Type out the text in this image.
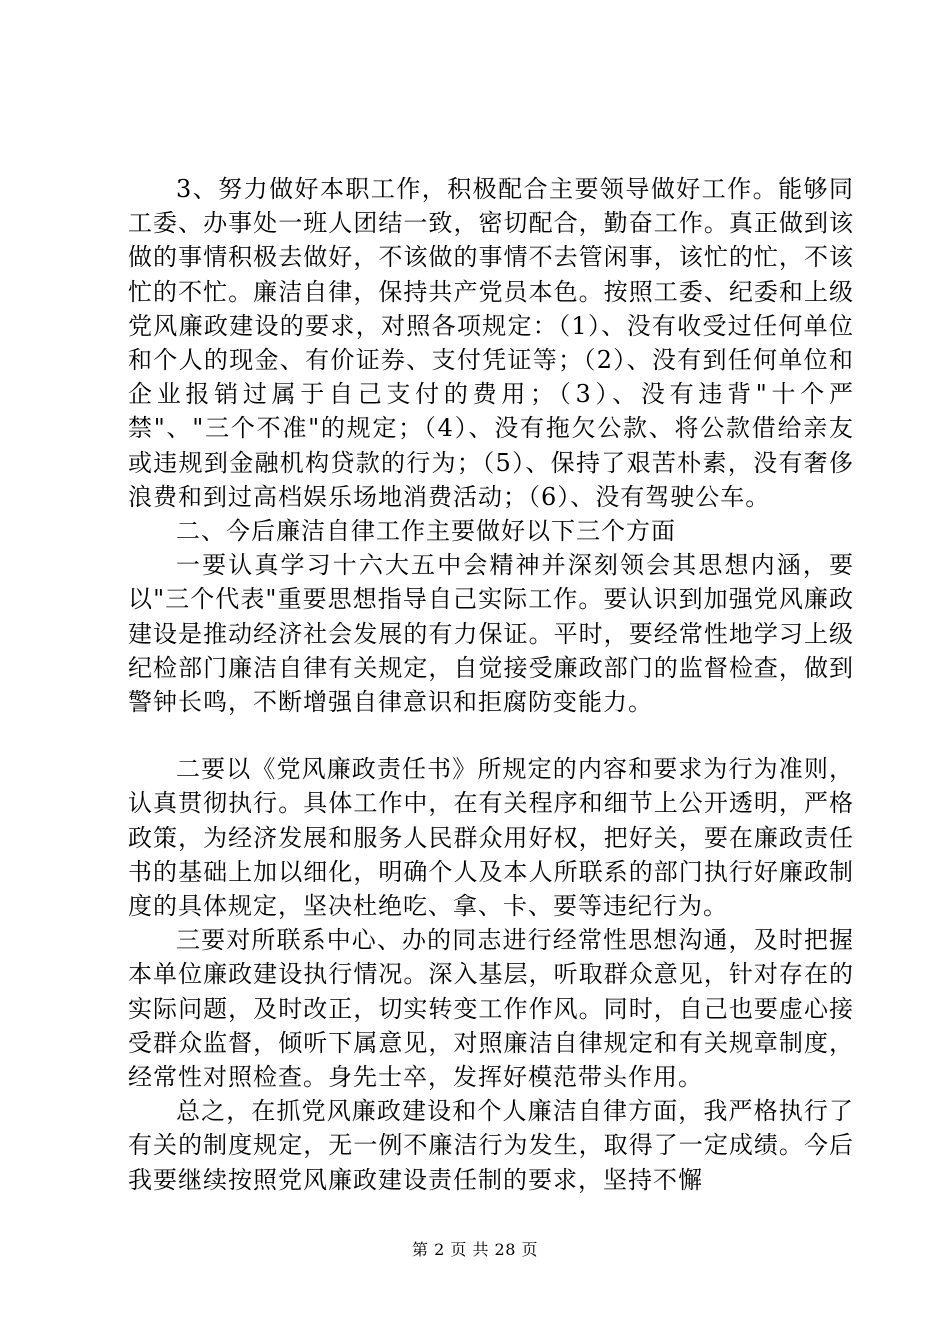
3、努力做好本职工作，积极配合主要领导做好工作。能够同工委、办事处一班人团结一致，密切配合，勤奋工作。真正做到该做的事情积极去做好，不该做的事情不去管闲事，该忙的忙，不该忙的不忙。廉洁自律，保持共产党员本色。按照工委、纪委和上级党风廉政建设的要求，对照各项规定：（1）、没有收受过任何单位和个人的现金、有价证券、支付凭证等；（2）、没有到任何单位和企业报销过属于自己支付的费用；（3）、没有违背"十个严禁"、"三个不准"的规定；（4）、没有拖欠公款、将公款借给亲友或违规到金融机构贷款的行为；（5）、保持了艰苦朴素，没有奢侈浪费和到过高档娱乐场地消费活动；（6）、没有驾驶公车。

二、今后廉洁自律工作主要做好以下三个方面

一要认真学习十六大五中会精神并深刻领会其思想内涵，要以"三个代表"重要思想指导自己实际工作。要认识到加强党风廉政建设是推动经济社会发展的有力保证。平时，要经常性地学习上级纪检部门廉洁自律有关规定，自觉接受廉政部门的监督检查，做到警钟长鸣，不断增强自律意识和拒腐防变能力。

二要以《党风廉政责任书》所规定的内容和要求为行为准则，认真贯彻执行。具体工作中，在有关程序和细节上公开透明，严格政策，为经济发展和服务人民群众用好权，把好关，要在廉政责任书的基础上加以细化，明确个人及本人所联系的部门执行好廉政制度的具体规定，坚决杜绝吃、拿、卡、要等违纪行为。

三要对所联系中心、办的同志进行经常性思想沟通，及时把握本单位廉政建设执行情况。深入基层，听取群众意见，针对存在的实际问题，及时改正，切实转变工作作风。同时，自己也要虚心接受群众监督，倾听下属意见，对照廉洁自律规定和有关规章制度，经常性对照检查。身先士卒，发挥好模范带头作用。

总之，在抓党风廉政建设和个人廉洁自律方面，我严格执行了有关的制度规定，无一例不廉洁行为发生，取得了一定成绩。今后我要继续按照党风廉政建设责任制的要求，坚持不懈

第 2 页 共 28 页
